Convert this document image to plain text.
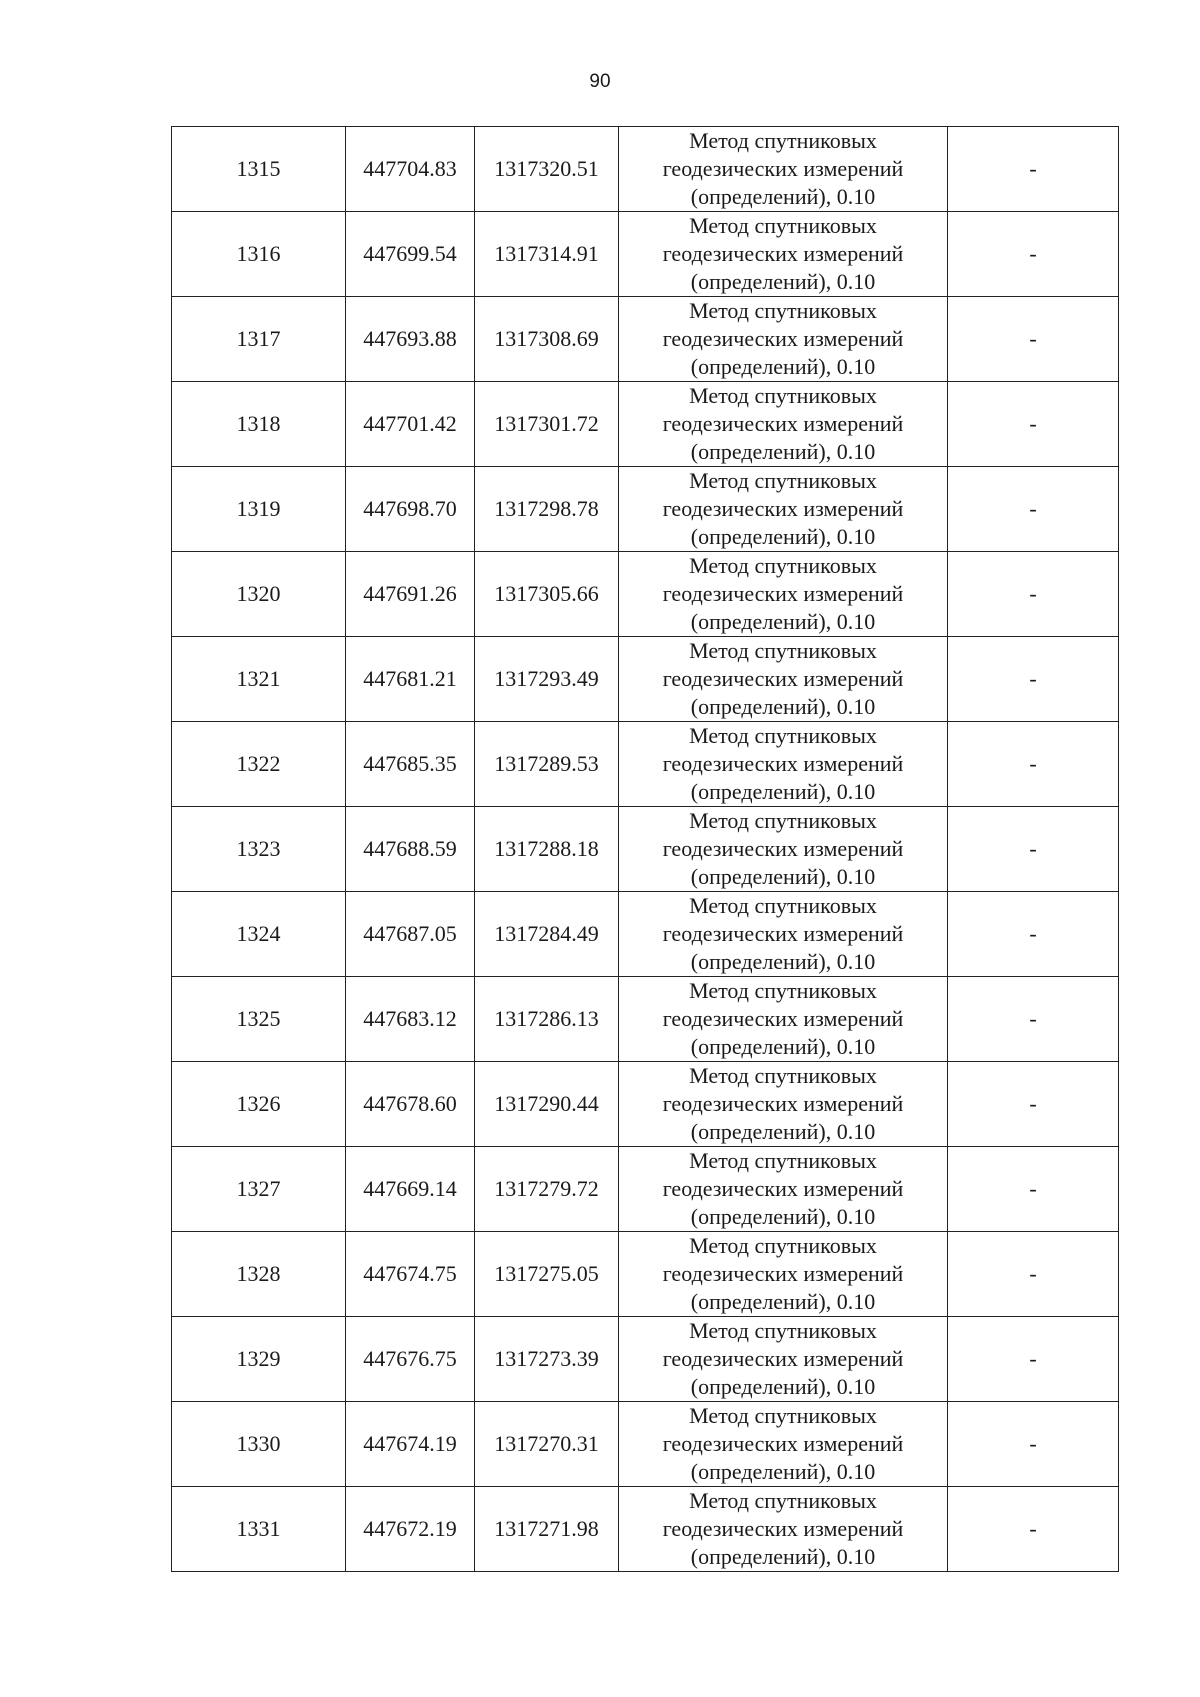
90
1315	447704.83	1317320.51	Метод спутниковых
геодезических измерений
(определений), 0.10	-
1316	447699.54	1317314.91	Метод спутниковых
геодезических измерений
(определений), 0.10	-
1317	447693.88	1317308.69	Метод спутниковых
геодезических измерений
(определений), 0.10	-
1318	447701.42	1317301.72	Метод спутниковых
геодезических измерений
(определений), 0.10	-
1319	447698.70	1317298.78	Метод спутниковых
геодезических измерений
(определений), 0.10	-
1320	447691.26	1317305.66	Метод спутниковых
геодезических измерений
(определений), 0.10	-
1321	447681.21	1317293.49	Метод спутниковых
геодезических измерений
(определений), 0.10	-
1322	447685.35	1317289.53	Метод спутниковых
геодезических измерений
(определений), 0.10	-
1323	447688.59	1317288.18	Метод спутниковых
геодезических измерений
(определений), 0.10	-
1324	447687.05	1317284.49	Метод спутниковых
геодезических измерений
(определений), 0.10	-
1325	447683.12	1317286.13	Метод спутниковых
геодезических измерений
(определений), 0.10	-
1326	447678.60	1317290.44	Метод спутниковых
геодезических измерений
(определений), 0.10	-
1327	447669.14	1317279.72	Метод спутниковых
геодезических измерений
(определений), 0.10	-
1328	447674.75	1317275.05	Метод спутниковых
геодезических измерений
(определений), 0.10	-
1329	447676.75	1317273.39	Метод спутниковых
геодезических измерений
(определений), 0.10	-
1330	447674.19	1317270.31	Метод спутниковых
геодезических измерений
(определений), 0.10	-
1331	447672.19	1317271.98	Метод спутниковых
геодезических измерений
(определений), 0.10	-
